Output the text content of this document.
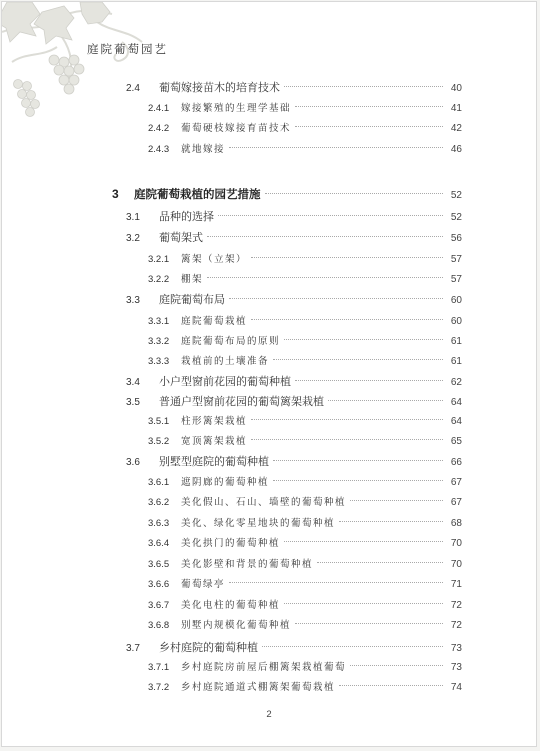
庭院葡萄园艺
2.4	葡萄嫁接苗木的培育技术	40
2.4.1	嫁接繁殖的生理学基础	41
2.4.2	葡萄硬枝嫁接育苗技术	42
2.4.3	就地嫁接	46
3	庭院葡萄栽植的园艺措施	52
3.1	品种的选择	52
3.2	葡萄架式	56
3.2.1	篱架（立架）	57
3.2.2	棚架	57
3.3	庭院葡萄布局	60
3.3.1	庭院葡萄栽植	60
3.3.2	庭院葡萄布局的原则	61
3.3.3	栽植前的土壤准备	61
3.4	小户型窗前花园的葡萄种植	62
3.5	普通户型窗前花园的葡萄篱架栽植	64
3.5.1	柱形篱架栽植	64
3.5.2	宽顶篱架栽植	65
3.6	别墅型庭院的葡萄种植	66
3.6.1	遮阴廊的葡萄种植	67
3.6.2	美化假山、石山、墙壁的葡萄种植	67
3.6.3	美化、绿化零星地块的葡萄种植	68
3.6.4	美化拱门的葡萄种植	70
3.6.5	美化影壁和背景的葡萄种植	70
3.6.6	葡萄绿亭	71
3.6.7	美化电柱的葡萄种植	72
3.6.8	别墅内规模化葡萄种植	72
3.7	乡村庭院的葡萄种植	73
3.7.1	乡村庭院房前屋后棚篱架栽植葡萄	73
3.7.2	乡村庭院通道式棚篱架葡萄栽植	74
2
